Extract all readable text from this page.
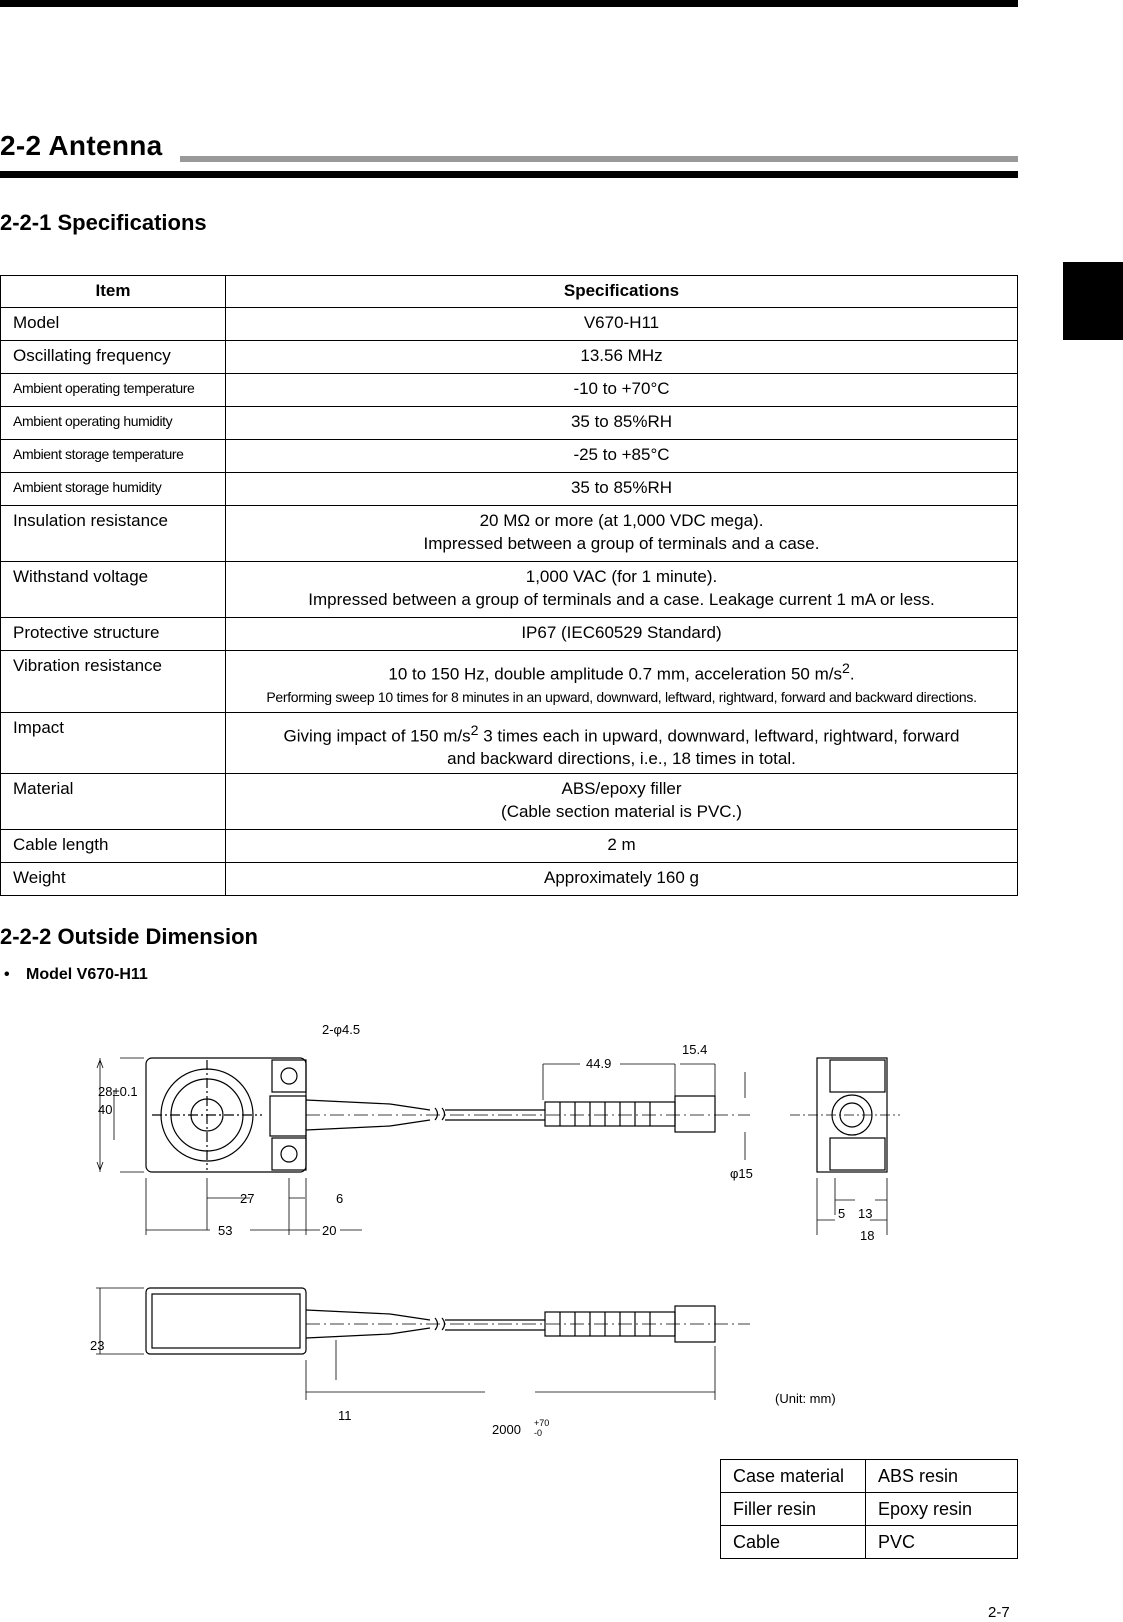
2-2 Antenna
2-2-1 Specifications
Item	Specifications
Model	V670-H11
Oscillating frequency	13.56 MHz
Ambient operating temperature	-10 to +70°C
Ambient operating humidity	35 to 85%RH
Ambient storage temperature	-25 to +85°C
Ambient storage humidity	35 to 85%RH
Insulation resistance	20 MΩ or more (at 1,000 VDC mega).
Impressed between a group of terminals and a case.

Withstand voltage	1,000 VAC (for 1 minute).
Impressed between a group of terminals and a case. Leakage current 1 mA or less.

Protective structure	IP67 (IEC60529 Standard)
Vibration resistance	10 to 150 Hz, double amplitude 0.7 mm, acceleration 50 $m/s^2$.
Performing sweep 10 times for 8 minutes in an upward, downward, leftward, rightward, forward and backward directions.

Impact	Giving impact of 150 $m/s^2$ 3 times each in upward, downward, leftward, rightward, forward
and backward directions, i.e., 18 times in total.

Material	ABS/epoxy filler
(Cable section material is PVC.)

Cable length	2 m
Weight	Approximately 160 g
2-2-2 Outside Dimension
• Model V670-H11
2-φ4.5
28±0.1
40
27	6
53	20
44.9
15.4
φ15
5 13
18
23
11
2000 +70
-0
(Unit: mm)
Case material	ABS resin
Filler resin	Epoxy resin
Cable	PVC
2-7
